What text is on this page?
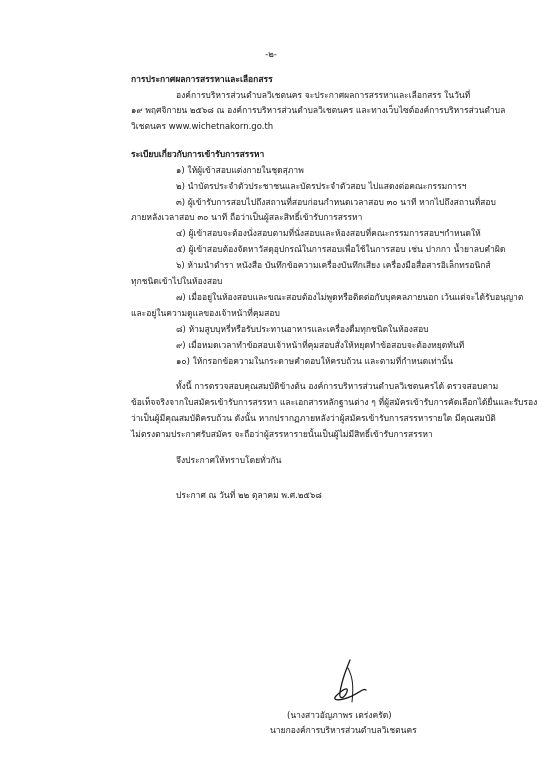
-๒-
การประกาศผลการสรรหาและเลือกสรร
องค์การบริหารส่วนตำบลวิเชตนคร จะประกาศผลการสรรหาและเลือกสรร ในวันที่
๑๙ พฤศจิกายน ๒๕๖๘ ณ องค์การบริหารส่วนตำบลวิเชตนคร และทางเว็บไซต์องค์การบริหารส่วนตำบล
วิเชตนคร www.wichetnakorn.go.th
ระเบียบเกี่ยวกับการเข้ารับการสรรหา
๑) ให้ผู้เข้าสอบแต่งกายในชุดสุภาพ
๒) นำบัตรประจำตัวประชาชนและบัตรประจำตัวสอบ ไปแสดงต่อคณะกรรมการฯ
๓) ผู้เข้ารับการสอบไปถึงสถานที่สอบก่อนกำหนดเวลาสอบ ๓๐ นาที หากไปถึงสถานที่สอบ
ภายหลังเวลาสอบ ๓๐ นาที ถือว่าเป็นผู้สละสิทธิ์เข้ารับการสรรหา
๔) ผู้เข้าสอบจะต้องนั่งสอบตามที่นั่งสอบและห้องสอบที่คณะกรรมการสอบฯกำหนดให้
๕) ผู้เข้าสอบต้องจัดหาวัสดุอุปกรณ์ในการสอบเพื่อใช้ในการสอบ เช่น ปากกา น้ำยาลบคำผิด
๖) ห้ามนำตำรา หนังสือ บันทึกข้อความเครื่องบันทึกเสียง เครื่องมือสื่อสารอิเล็กทรอนิกส์
ทุกชนิดเข้าไปในห้องสอบ
๗) เมื่ออยู่ในห้องสอบและขณะสอบต้องไม่พูดหรือติดต่อกับบุคคลภายนอก เว้นแต่จะได้รับอนุญาต
และอยู่ในความดูแลของเจ้าหน้าที่คุมสอบ
๘) ห้ามสูบบุหรี่หรือรับประทานอาหารและเครื่องดื่มทุกชนิดในห้องสอบ
๙) เมื่อหมดเวลาทำข้อสอบเจ้าหน้าที่คุมสอบสั่งให้หยุดทำข้อสอบจะต้องหยุดทันที
๑๐) ให้กรอกข้อความในกระดาษคำตอบให้ครบถ้วน และตามที่กำหนดเท่านั้น
ทั้งนี้ การตรวจสอบคุณสมบัติข้างต้น องค์การบริหารส่วนตำบลวิเชตนครได้ ตรวจสอบตาม
ข้อเท็จจริงจากใบสมัครเข้ารับการสรรหา และเอกสารหลักฐานต่าง ๆ ที่ผู้สมัครเข้ารับการคัดเลือกได้ยื่นและรับรอง
ว่าเป็นผู้มีคุณสมบัติครบถ้วน ดังนั้น หากปรากฏภายหลังว่าผู้สมัครเข้ารับการสรรหารายใด มีคุณสมบัติ
ไม่ตรงตามประกาศรับสมัคร จะถือว่าผู้สรรหารายนั้นเป็นผู้ไม่มีสิทธิ์เข้ารับการสรรหา
จึงประกาศให้ทราบโดยทั่วกัน
ประกาศ ณ วันที่ ๒๒ ตุลาคม พ.ศ.๒๕๖๘
(นางสาวอัญภาพร เตร่งครัด)
นายกองค์การบริหารส่วนตำบลวิเชตนคร
